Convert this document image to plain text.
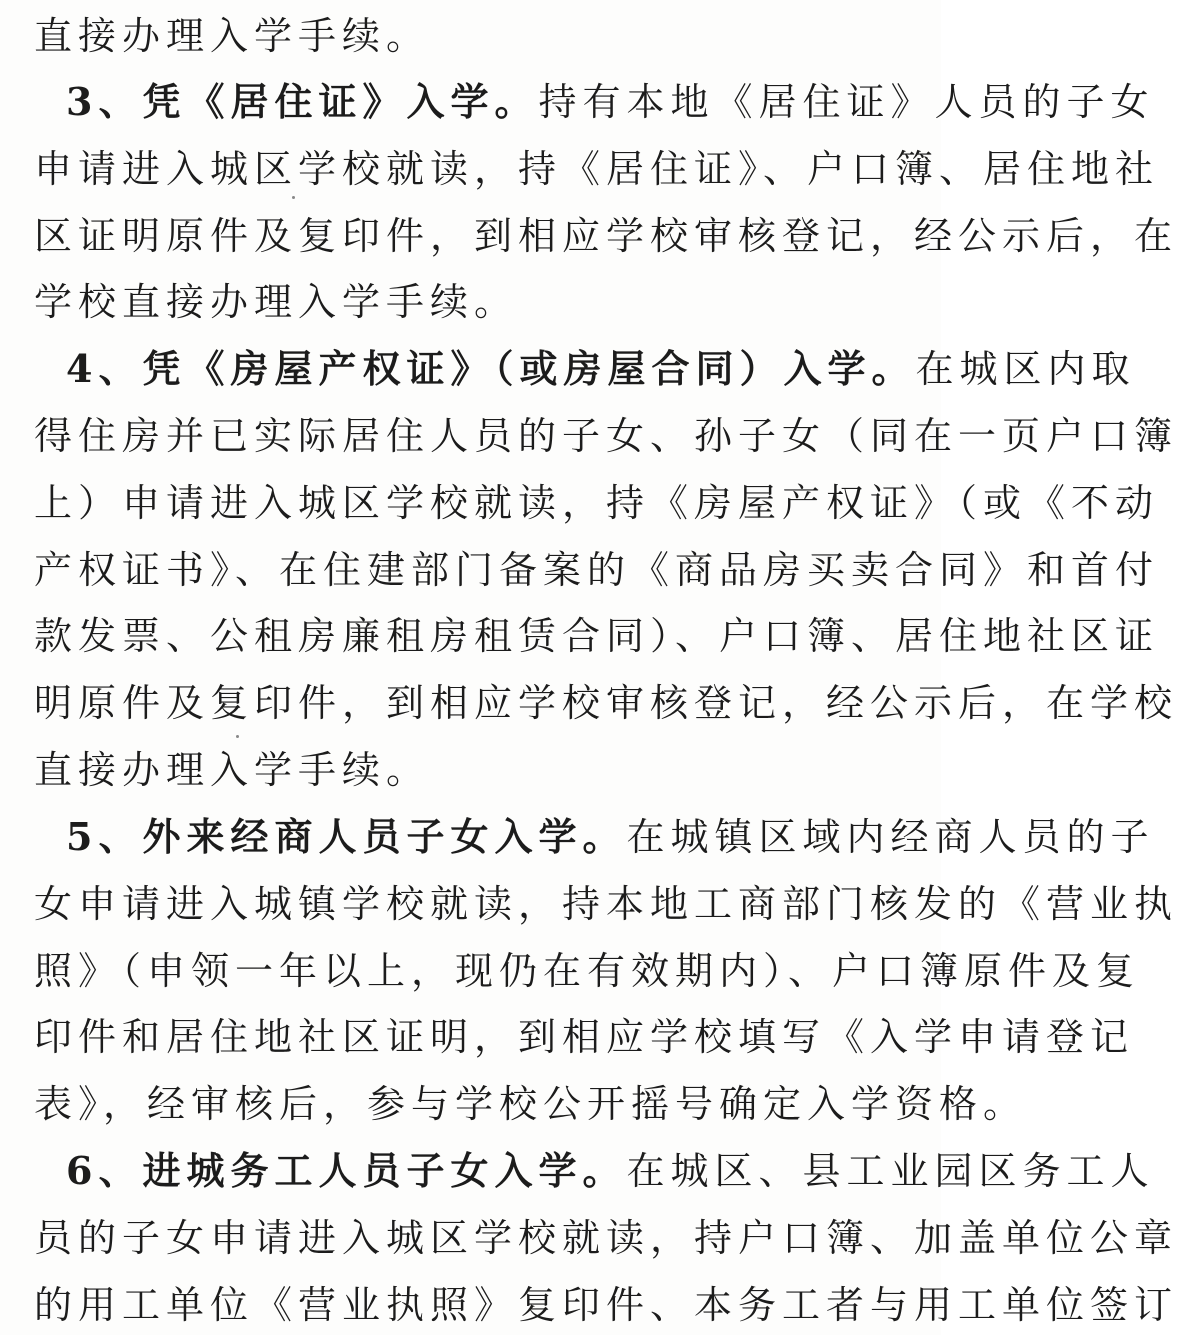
直接办理入学手续。
3、凭《居住证》入学。持有本地《居住证》人员的子女
申请进入城区学校就读，持《居住证》、户口簿、居住地社
区证明原件及复印件，到相应学校审核登记，经公示后，在
学校直接办理入学手续。
4、凭《房屋产权证》（或房屋合同）入学。在城区内取
得住房并已实际居住人员的子女、孙子女（同在一页户口簿
上）申请进入城区学校就读，持《房屋产权证》（或《不动
产权证书》、在住建部门备案的《商品房买卖合同》和首付
款发票、公租房廉租房租赁合同）、户口簿、居住地社区证
明原件及复印件，到相应学校审核登记，经公示后，在学校
直接办理入学手续。
5、外来经商人员子女入学。在城镇区域内经商人员的子
女申请进入城镇学校就读，持本地工商部门核发的《营业执
照》（申领一年以上，现仍在有效期内）、户口簿原件及复
印件和居住地社区证明，到相应学校填写《入学申请登记
表》，经审核后，参与学校公开摇号确定入学资格。
6、进城务工人员子女入学。在城区、县工业园区务工人
员的子女申请进入城区学校就读，持户口簿、加盖单位公章
的用工单位《营业执照》复印件、本务工者与用工单位签订
